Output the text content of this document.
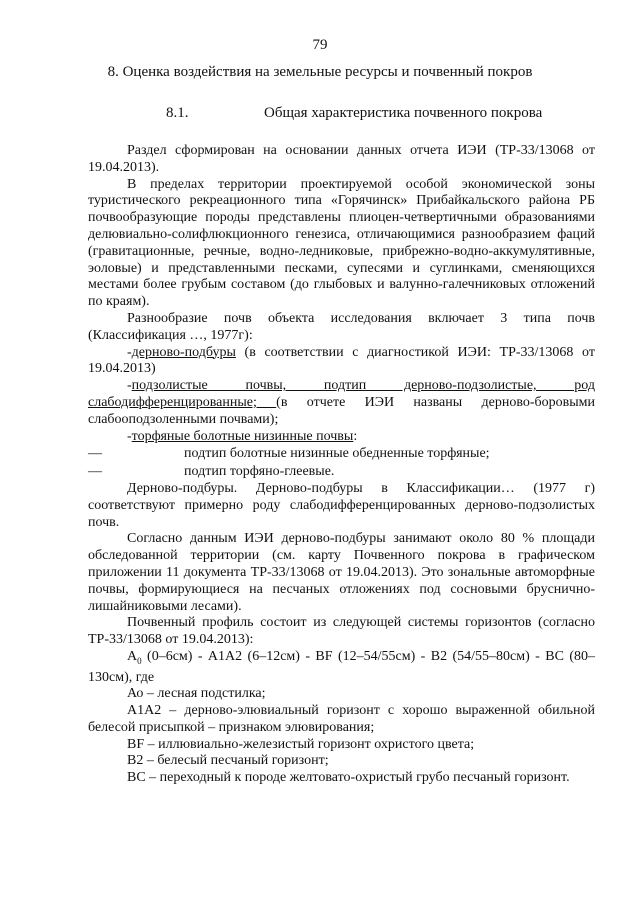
79
8. Оценка воздействия на земельные ресурсы и почвенный покров
8.1.	Общая характеристика почвенного покрова

Раздел сформирован на основании данных отчета ИЭИ (ТР-33/13068 от 19.04.2013).

В пределах территории проектируемой особой экономической зоны туристического рекреационного типа «Горячинск» Прибайкальского района РБ почвообразующие породы представлены плиоцен-четвертичными образованиями делювиально-солифлюкционного генезиса, отличающимися разнообразием фаций (гравитационные, речные, водно-ледниковые, прибрежно-водно-аккумулятивные, эоловые) и представленными песками, супесями и суглинками, сменяющихся местами более грубым составом (до глыбовых и валунно-галечниковых отложений по краям).

Разнообразие почв объекта исследования включает 3 типа почв (Классификация …, 1977г):

-дерново-подбуры (в соответствии с диагностикой ИЭИ: ТР-33/13068 от 19.04.2013)

-подзолистые почвы, подтип дерново-подзолистые, род слабодифференцированные; (в отчете ИЭИ названы дерново-боровыми слабооподзоленными почвами);

-торфяные болотные низинные почвы:

—	подтип болотные низинные обедненные торфяные;
—	подтип торфяно-глеевые.

Дерново-подбуры. Дерново-подбуры в Классификации… (1977 г) соответствуют примерно роду слабодифференцированных дерново-подзолистых почв.

Согласно данным ИЭИ дерново-подбуры занимают около 80 % площади обследованной территории (см. карту Почвенного покрова в графическом приложении 11 документа ТР-33/13068 от 19.04.2013). Это зональные автоморфные почвы, формирующиеся на песчаных отложениях под сосновыми бруснично-лишайниковыми лесами).

Почвенный профиль состоит из следующей системы горизонтов (согласно ТР-33/13068 от 19.04.2013):

$А_0$ (0–6см) - А1А2 (6–12см) - BF (12–54/55см) - В2 (54/55–80см) - ВС (80–130см), где

Ао – лесная подстилка;

А1А2 – дерново-элювиальный горизонт с хорошо выраженной обильной белесой присыпкой – признаком элювирования;

BF – иллювиально-железистый горизонт охристого цвета;

В2 – белесый песчаный горизонт;

ВС – переходный к породе желтовато-охристый грубо песчаный горизонт.
